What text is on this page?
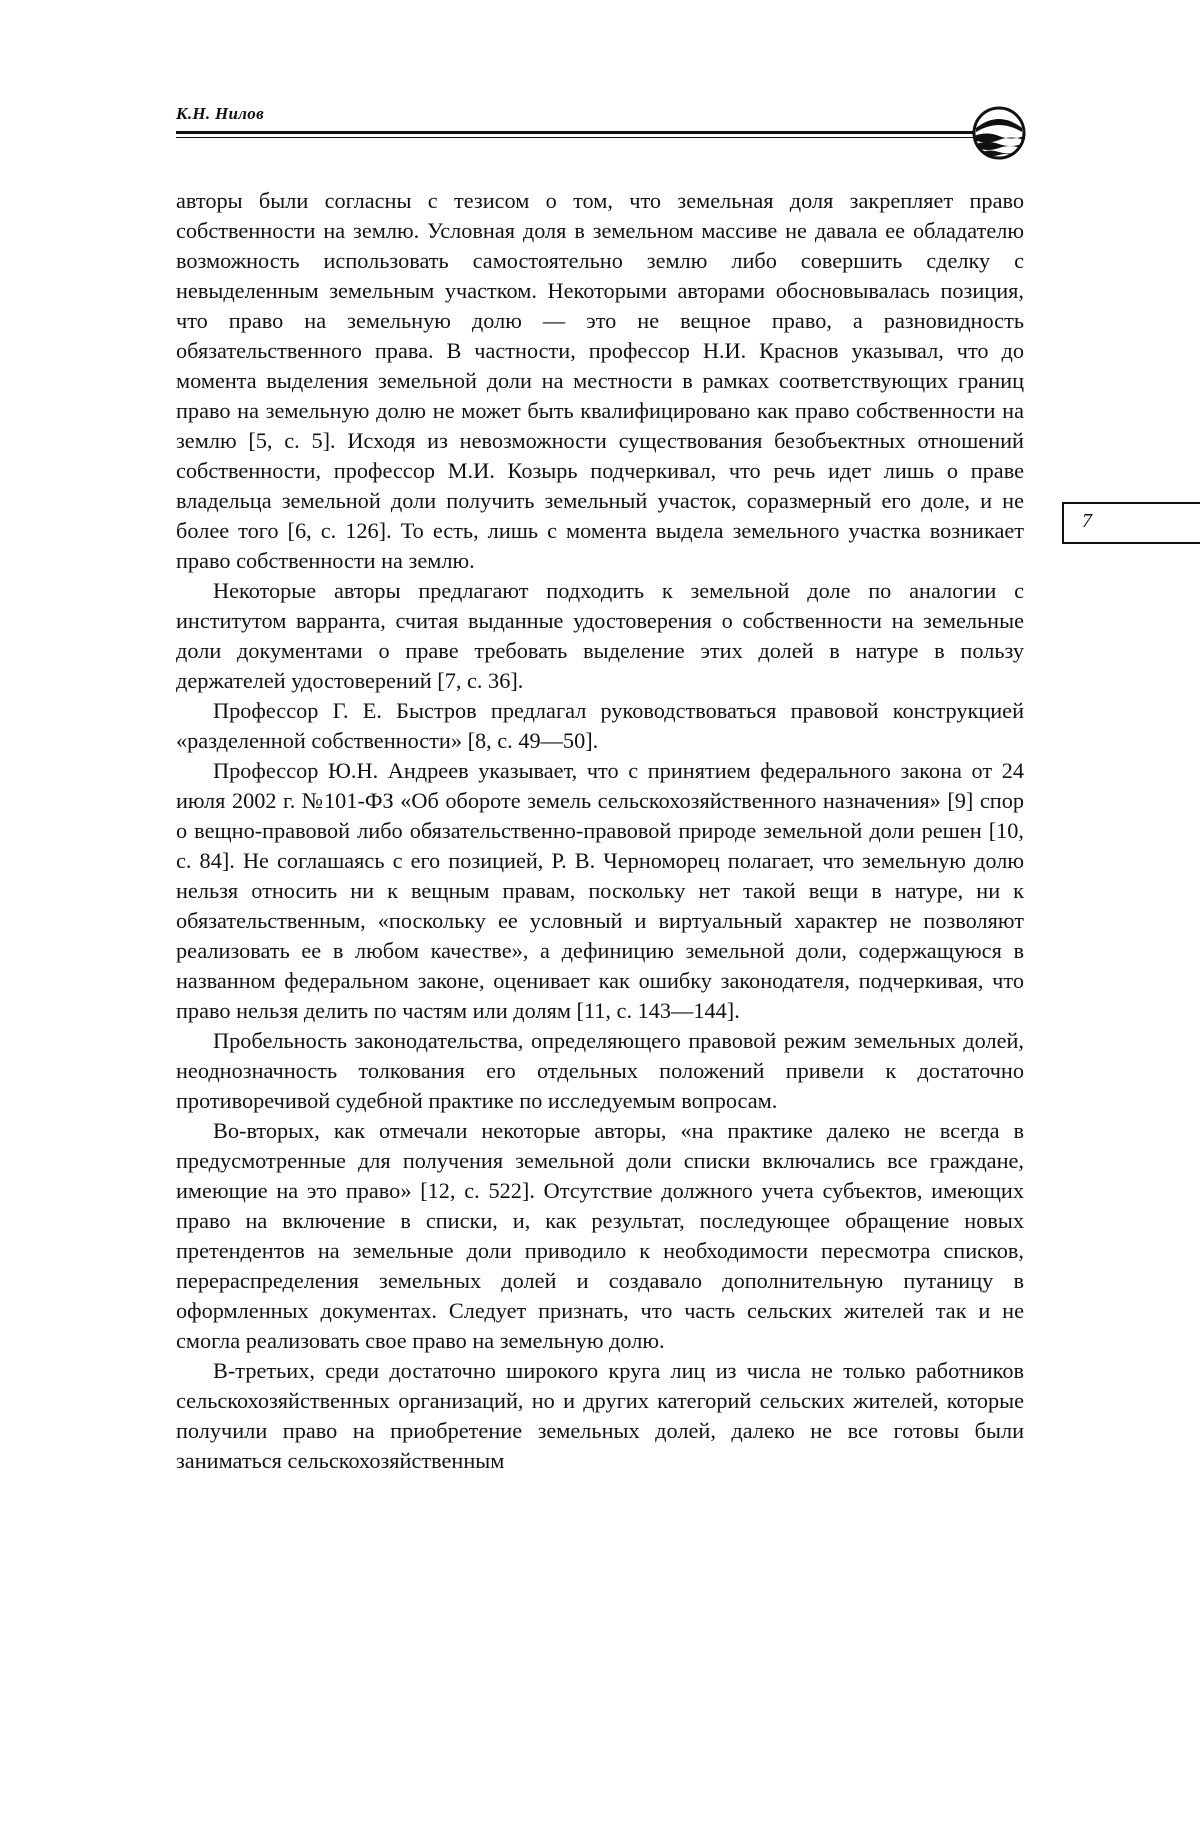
К.Н. Нилов
7

авторы были согласны с тезисом о том, что земельная доля закрепляет право собственности на землю. Условная доля в земельном массиве не давала ее обладателю возможность использовать самостоятельно землю либо совершить сделку с невыделенным земельным участком. Некоторыми авторами обосновывалась позиция, что право на земельную долю — это не вещное право, а разновидность обязательственного права. В частности, профессор Н.И. Краснов указывал, что до момента выделения земельной доли на местности в рамках соответствующих границ право на земельную долю не может быть квалифицировано как право собственности на землю [5, с. 5]. Исходя из невозможности существования безобъектных отношений собственности, профессор М.И. Козырь подчеркивал, что речь идет лишь о праве владельца земельной доли получить земельный участок, соразмерный его доле, и не более того [6, с. 126]. То есть, лишь с момента выдела земельного участка возникает право собственности на землю.

Некоторые авторы предлагают подходить к земельной доле по аналогии с институтом варранта, считая выданные удостоверения о собственности на земельные доли документами о праве требовать выделение этих долей в натуре в пользу держателей удостоверений [7, с. 36].

Профессор Г. Е. Быстров предлагал руководствоваться правовой конструкцией «разделенной собственности» [8, с. 49—50].

Профессор Ю.Н. Андреев указывает, что с принятием федерального закона от 24 июля 2002 г. №101-ФЗ «Об обороте земель сельскохозяйственного назначения» [9] спор о вещно-правовой либо обязательственно-правовой природе земельной доли решен [10, с. 84]. Не соглашаясь с его позицией, Р. В. Черноморец полагает, что земельную долю нельзя относить ни к вещным правам, поскольку нет такой вещи в натуре, ни к обязательственным, «поскольку ее условный и виртуальный характер не позволяют реализовать ее в любом качестве», а дефиницию земельной доли, содержащуюся в названном федеральном законе, оценивает как ошибку законодателя, подчеркивая, что право нельзя делить по частям или долям [11, с. 143—144].

Пробельность законодательства, определяющего правовой режим земельных долей, неоднозначность толкования его отдельных положений привели к достаточно противоречивой судебной практике по исследуемым вопросам.

Во-вторых, как отмечали некоторые авторы, «на практике далеко не всегда в предусмотренные для получения земельной доли списки включались все граждане, имеющие на это право» [12, с. 522]. Отсутствие должного учета субъектов, имеющих право на включение в списки, и, как результат, последующее обращение новых претендентов на земельные доли приводило к необходимости пересмотра списков, перераспределения земельных долей и создавало дополнительную путаницу в оформленных документах. Следует признать, что часть сельских жителей так и не смогла реализовать свое право на земельную долю.

В-третьих, среди достаточно широкого круга лиц из числа не только работников сельскохозяйственных организаций, но и других категорий сельских жителей, которые получили право на приобретение земельных долей, далеко не все готовы были заниматься сельскохозяйственным
